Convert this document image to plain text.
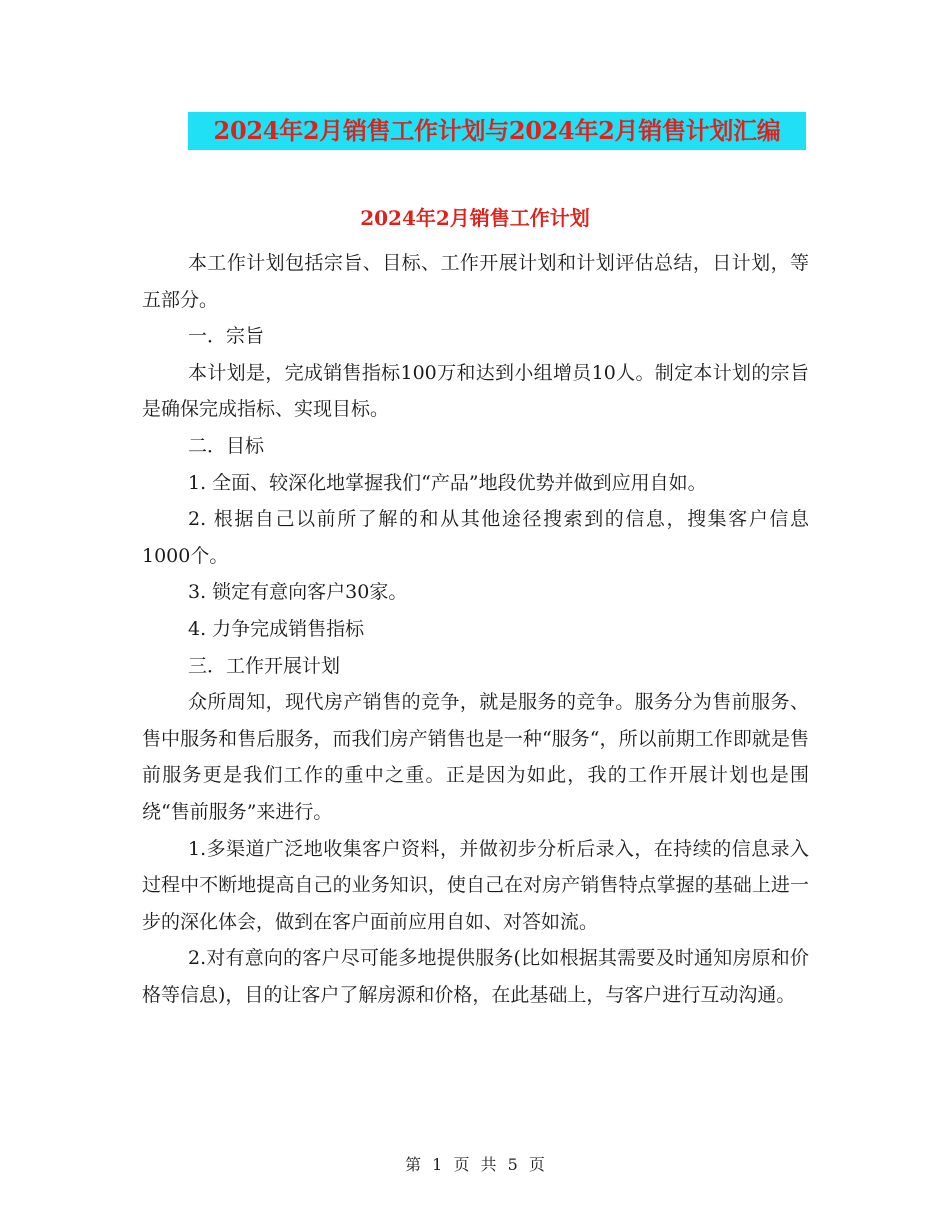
2024年2月销售工作计划与2024年2月销售计划汇编
2024年2月销售工作计划

本工作计划包括宗旨、目标、工作开展计划和计划评估总结，日计划，等五部分。

一．宗旨

本计划是，完成销售指标100万和达到小组增员10人。制定本计划的宗旨是确保完成指标、实现目标。

二．目标

1. 全面、较深化地掌握我们“产品”地段优势并做到应用自如。

2. 根据自己以前所了解的和从其他途径搜索到的信息，搜集客户信息1000个。

3. 锁定有意向客户30家。

4. 力争完成销售指标

三．工作开展计划

众所周知，现代房产销售的竞争，就是服务的竞争。服务分为售前服务、售中服务和售后服务，而我们房产销售也是一种“服务“，所以前期工作即就是售前服务更是我们工作的重中之重。正是因为如此，我的工作开展计划也是围绕“售前服务”来进行。

1.多渠道广泛地收集客户资料，并做初步分析后录入，在持续的信息录入过程中不断地提高自己的业务知识，使自己在对房产销售特点掌握的基础上进一步的深化体会，做到在客户面前应用自如、对答如流。

2.对有意向的客户尽可能多地提供服务(比如根据其需要及时通知房原和价格等信息)，目的让客户了解房源和价格，在此基础上，与客户进行互动沟通。

第 1 页 共 5 页
